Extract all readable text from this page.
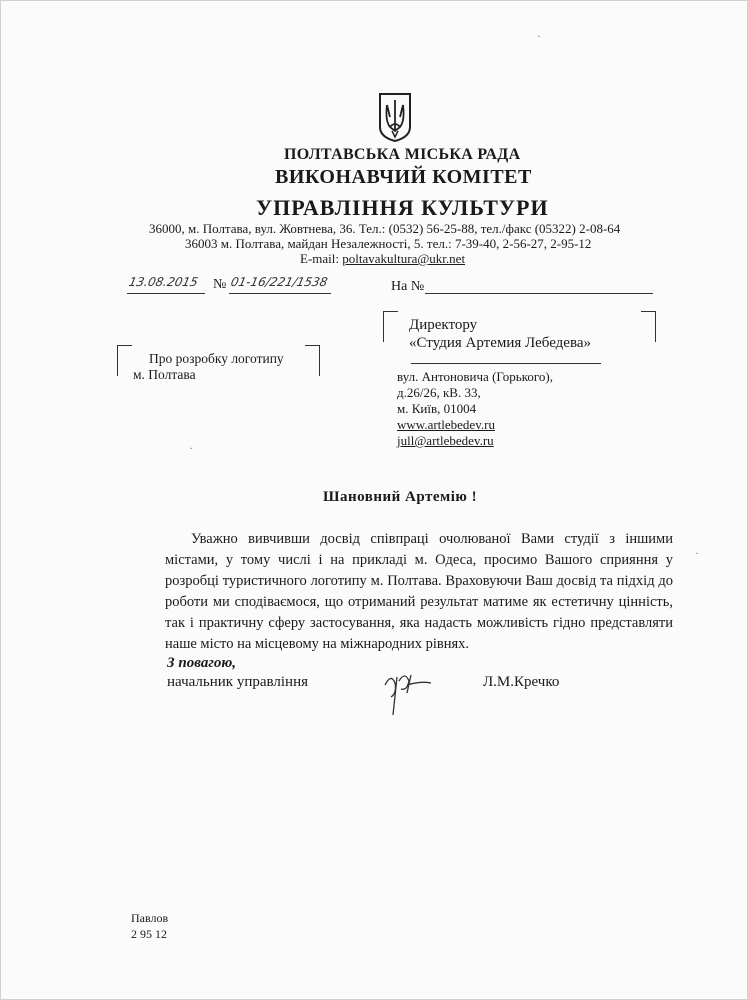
ПОЛТАВСЬКА МІСЬКА РАДА
ВИКОНАВЧИЙ КОМІТЕТ
УПРАВЛІННЯ КУЛЬТУРИ
36000, м. Полтава, вул. Жовтнева, 36. Тел.: (0532) 56-25-88, тел./факс (05322) 2-08-64
36003 м. Полтава, майдан Незалежності, 5. тел.: 7-39-40, 2-56-27, 2-95-12
E-mail: poltavakultura@ukr.net
13.08.2015 № 01-16/221/1538	На №
Про розробку логотипу
м. Полтава
Директору
«Студия Артемия Лебедева»
вул. Антоновича (Горького),
д.26/26, кВ. 33,
м. Київ, 01004
www.artlebedev.ru
jull@artlebedev.ru
Шановний Артемію !

Уважно вивчивши досвід співпраці очолюваної Вами студії з іншими містами, у тому числі і на прикладі м. Одеса, просимо Вашого сприяння у розробці туристичного логотипу м. Полтава. Враховуючи Ваш досвід та підхід до роботи ми сподіваємося, що отриманий результат матиме як естетичну цінність, так і практичну сферу застосування, яка надасть можливість гідно представляти наше місто на місцевому на міжнародних рівнях.

З повагою,
начальник управління	Л.М.Кречко
Павлов
2 95 12
·
·
·
